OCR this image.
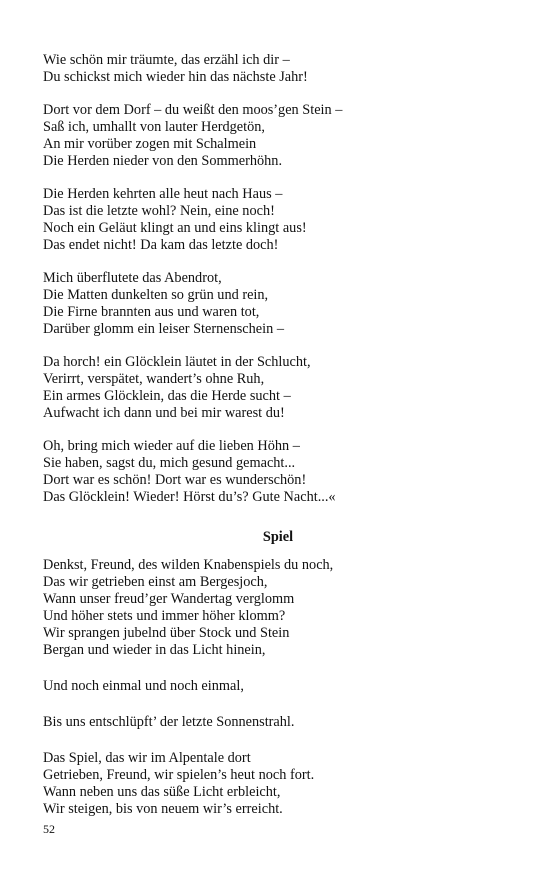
Wie schön mir träumte, das erzähl ich dir –
Du schickst mich wieder hin das nächste Jahr!
Dort vor dem Dorf – du weißt den moos’gen Stein –
Saß ich, umhallt von lauter Herdgetön,
An mir vorüber zogen mit Schalmein
Die Herden nieder von den Sommerhöhn.
Die Herden kehrten alle heut nach Haus –
Das ist die letzte wohl? Nein, eine noch!
Noch ein Geläut klingt an und eins klingt aus!
Das endet nicht! Da kam das letzte doch!
Mich überflutete das Abendrot,
Die Matten dunkelten so grün und rein,
Die Firne brannten aus und waren tot,
Darüber glomm ein leiser Sternenschein –
Da horch! ein Glöcklein läutet in der Schlucht,
Verirrt, verspätet, wandert’s ohne Ruh,
Ein armes Glöcklein, das die Herde sucht –
Aufwacht ich dann und bei mir warest du!
Oh, bring mich wieder auf die lieben Höhn –
Sie haben, sagst du, mich gesund gemacht...
Dort war es schön! Dort war es wunderschön!
Das Glöcklein! Wieder! Hörst du’s? Gute Nacht...«
Spiel
Denkst, Freund, des wilden Knabenspiels du noch,
Das wir getrieben einst am Bergesjoch,
Wann unser freud’ger Wandertag verglomm
Und höher stets und immer höher klomm?
Wir sprangen jubelnd über Stock und Stein
Bergan und wieder in das Licht hinein,
Und noch einmal und noch einmal,
Bis uns entschlüpft’ der letzte Sonnenstrahl.
Das Spiel, das wir im Alpentale dort
Getrieben, Freund, wir spielen’s heut noch fort.
Wann neben uns das süße Licht erbleicht,
Wir steigen, bis von neuem wir’s erreicht.
52
